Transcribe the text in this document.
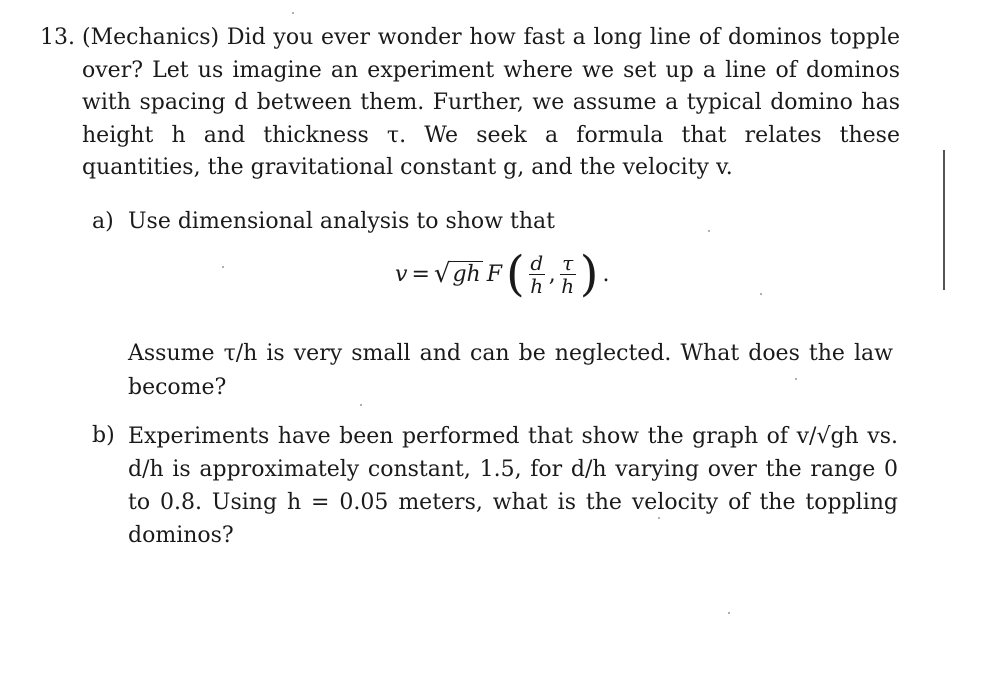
13. (Mechanics) Did you ever wonder how fast a long line of dominos topple over? Let us imagine an experiment where we set up a line of dominos with spacing d between them. Further, we assume a typical domino has height h and thickness τ. We seek a formula that relates these quantities, the gravitational constant g, and the velocity v.
a) Use dimensional analysis to show that
v = √ gh F ( $\frac{d}{h}$ , $\frac{\tau}{h}$ ) .
Assume τ/h is very small and can be neglected. What does the law become?
b) Experiments have been performed that show the graph of v/√gh vs. d/h is approximately constant, 1.5, for d/h varying over the range 0 to 0.8. Using h = 0.05 meters, what is the velocity of the toppling dominos?
